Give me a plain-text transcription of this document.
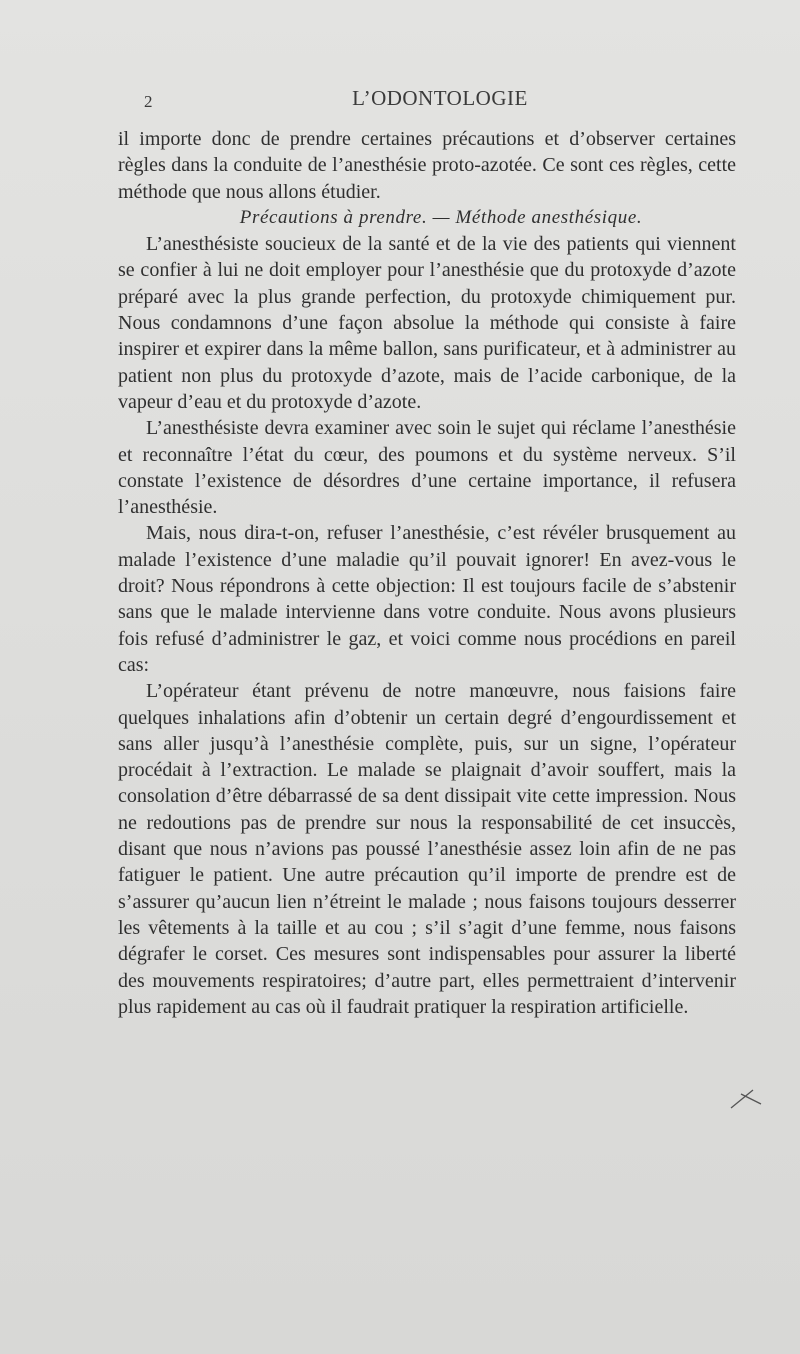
2	L’ODONTOLOGIE

il importe donc de prendre certaines précautions et d’observer certaines règles dans la conduite de l’anesthésie proto-azotée. Ce sont ces règles, cette méthode que nous allons étudier.

Précautions à prendre. — Méthode anesthésique.

L’anesthésiste soucieux de la santé et de la vie des patients qui viennent se confier à lui ne doit employer pour l’anesthésie que du protoxyde d’azote préparé avec la plus grande perfection, du protoxyde chimiquement pur. Nous condamnons d’une façon absolue la méthode qui consiste à faire inspirer et expirer dans la même ballon, sans purificateur, et à administrer au patient non plus du protoxyde d’azote, mais de l’acide carbonique, de la vapeur d’eau et du protoxyde d’azote.

L’anesthésiste devra examiner avec soin le sujet qui réclame l’anesthésie et reconnaître l’état du cœur, des poumons et du système nerveux. S’il constate l’existence de désordres d’une certaine importance, il refusera l’anesthésie.

Mais, nous dira-t-on, refuser l’anesthésie, c’est révéler brusquement au malade l’existence d’une maladie qu’il pouvait ignorer! En avez-vous le droit? Nous répondrons à cette objection: Il est toujours facile de s’abstenir sans que le malade intervienne dans votre conduite. Nous avons plusieurs fois refusé d’administrer le gaz, et voici comme nous procédions en pareil cas:

L’opérateur étant prévenu de notre manœuvre, nous faisions faire quelques inhalations afin d’obtenir un certain degré d’engourdissement et sans aller jusqu’à l’anesthésie complète, puis, sur un signe, l’opérateur procédait à l’extraction. Le malade se plaignait d’avoir souffert, mais la consolation d’être débarrassé de sa dent dissipait vite cette impression. Nous ne redoutions pas de prendre sur nous la responsabilité de cet insuccès, disant que nous n’avions pas poussé l’anesthésie assez loin afin de ne pas fatiguer le patient. Une autre précaution qu’il importe de prendre est de s’assurer qu’aucun lien n’étreint le malade ; nous faisons toujours desserrer les vêtements à la taille et au cou ; s’il s’agit d’une femme, nous faisons dégrafer le corset. Ces mesures sont indispensables pour assurer la liberté des mouvements respiratoires; d’autre part, elles permettraient d’intervenir plus rapidement au cas où il faudrait pratiquer la respiration artificielle.
